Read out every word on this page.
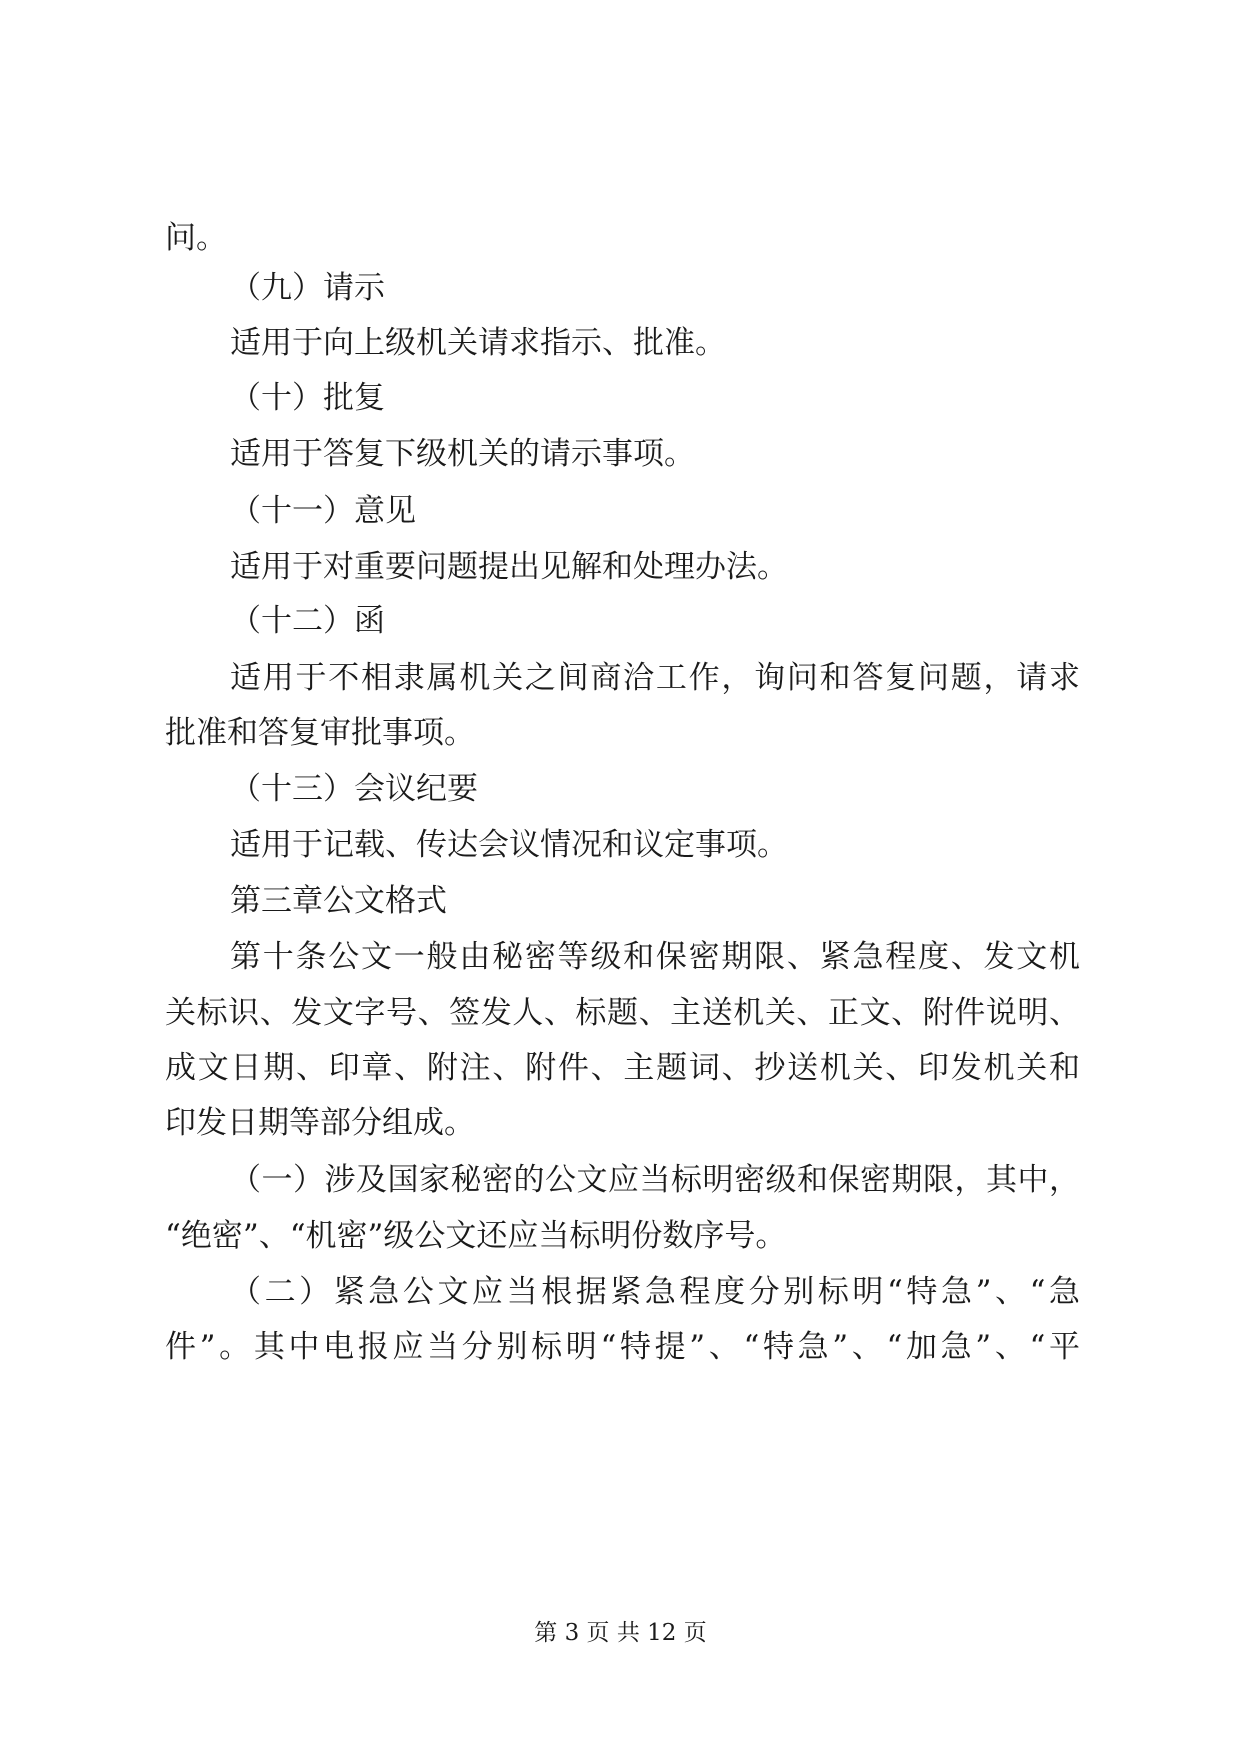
问。
（九）请示
适用于向上级机关请求指示、批准。
（十）批复
适用于答复下级机关的请示事项。
（十一）意见
适用于对重要问题提出见解和处理办法。
（十二）函
适用于不相隶属机关之间商洽工作，询问和答复问题，请求
批准和答复审批事项。
（十三）会议纪要
适用于记载、传达会议情况和议定事项。
第三章公文格式
第十条公文一般由秘密等级和保密期限、紧急程度、发文机
关标识、发文字号、签发人、标题、主送机关、正文、附件说明、
成文日期、印章、附注、附件、主题词、抄送机关、印发机关和
印发日期等部分组成。
（一）涉及国家秘密的公文应当标明密级和保密期限，其中，
“绝密”、“机密”级公文还应当标明份数序号。
（二）紧急公文应当根据紧急程度分别标明“特急”、“急
件”。其中电报应当分别标明“特提”、“特急”、“加急”、“平
第 3 页 共 12 页
